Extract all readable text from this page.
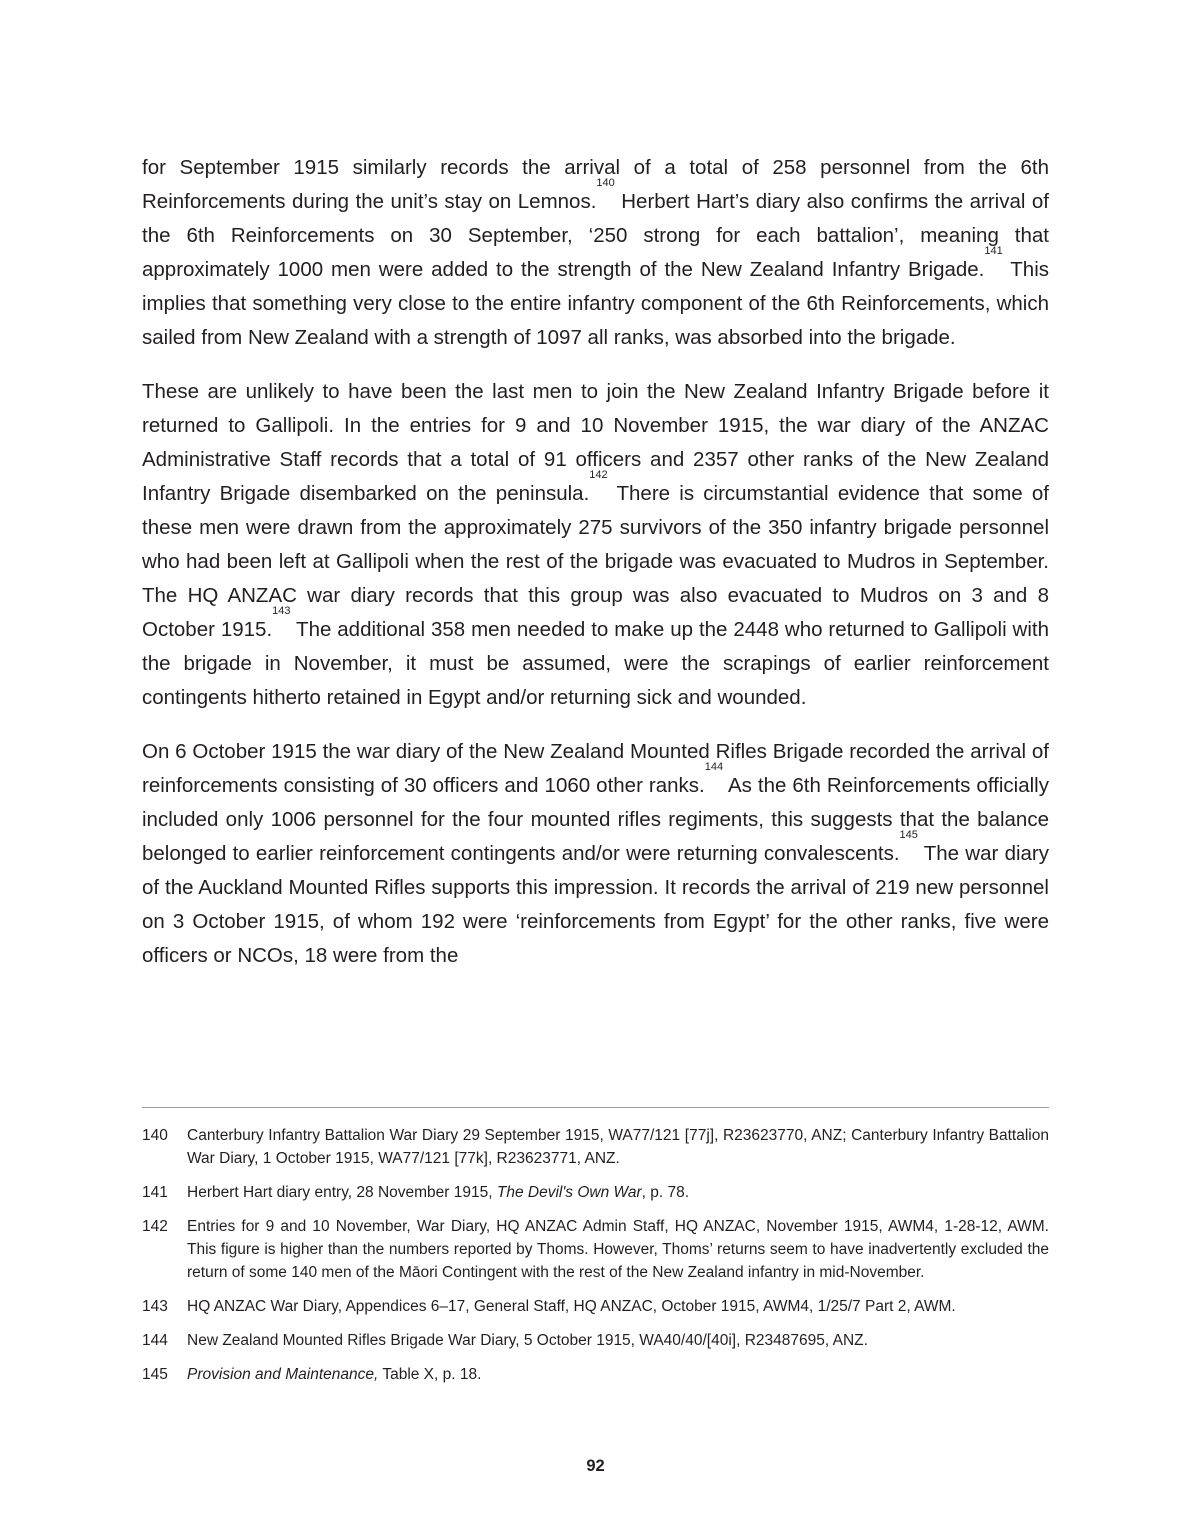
for September 1915 similarly records the arrival of a total of 258 personnel from the 6th Reinforcements during the unit’s stay on Lemnos.$^{140}$ Herbert Hart’s diary also confirms the arrival of the 6th Reinforcements on 30 September, ‘250 strong for each battalion’, meaning that approximately 1000 men were added to the strength of the New Zealand Infantry Brigade.$^{141}$ This implies that something very close to the entire infantry component of the 6th Reinforcements, which sailed from New Zealand with a strength of 1097 all ranks, was absorbed into the brigade.

These are unlikely to have been the last men to join the New Zealand Infantry Brigade before it returned to Gallipoli. In the entries for 9 and 10 November 1915, the war diary of the ANZAC Administrative Staff records that a total of 91 officers and 2357 other ranks of the New Zealand Infantry Brigade disembarked on the peninsula.$^{142}$ There is circumstantial evidence that some of these men were drawn from the approximately 275 survivors of the 350 infantry brigade personnel who had been left at Gallipoli when the rest of the brigade was evacuated to Mudros in September. The HQ ANZAC war diary records that this group was also evacuated to Mudros on 3 and 8 October 1915.$^{143}$ The additional 358 men needed to make up the 2448 who returned to Gallipoli with the brigade in November, it must be assumed, were the scrapings of earlier reinforcement contingents hitherto retained in Egypt and/or returning sick and wounded.

On 6 October 1915 the war diary of the New Zealand Mounted Rifles Brigade recorded the arrival of reinforcements consisting of 30 officers and 1060 other ranks.$^{144}$ As the 6th Reinforcements officially included only 1006 personnel for the four mounted rifles regiments, this suggests that the balance belonged to earlier reinforcement contingents and/or were returning convalescents.$^{145}$ The war diary of the Auckland Mounted Rifles supports this impression. It records the arrival of 219 new personnel on 3 October 1915, of whom 192 were ‘reinforcements from Egypt’ for the other ranks, five were officers or NCOs, 18 were from the

140	Canterbury Infantry Battalion War Diary 29 September 1915, WA77/121 [77j], R23623770, ANZ; Canterbury Infantry Battalion War Diary, 1 October 1915, WA77/121 [77k], R23623771, ANZ.
141	Herbert Hart diary entry, 28 November 1915, The Devil's Own War, p. 78.
142	Entries for 9 and 10 November, War Diary, HQ ANZAC Admin Staff, HQ ANZAC, November 1915, AWM4, 1-28-12, AWM. This figure is higher than the numbers reported by Thoms. However, Thoms’ returns seem to have inadvertently excluded the return of some 140 men of the Māori Contingent with the rest of the New Zealand infantry in mid-November.
143	HQ ANZAC War Diary, Appendices 6–17, General Staff, HQ ANZAC, October 1915, AWM4, 1/25/7 Part 2, AWM.
144	New Zealand Mounted Rifles Brigade War Diary, 5 October 1915, WA40/40/[40i], R23487695, ANZ.
145	Provision and Maintenance, Table X, p. 18.
92
